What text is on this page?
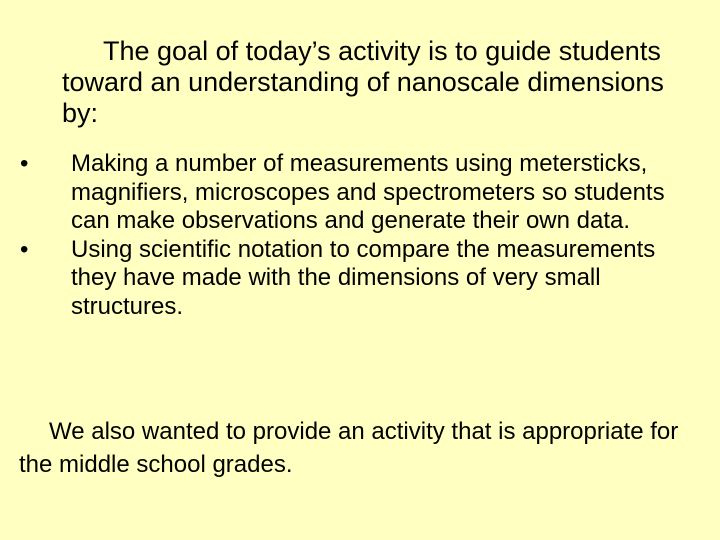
The goal of today’s activity is to guide students toward an understanding of nanoscale dimensions by:

•	Making a number of measurements using metersticks, magnifiers, microscopes and spectrometers so students can make observations and generate their own data.
•	Using scientific notation to compare the measurements they have made with the dimensions of very small structures.

We also wanted to provide an activity that is appropriate for the middle school grades.
